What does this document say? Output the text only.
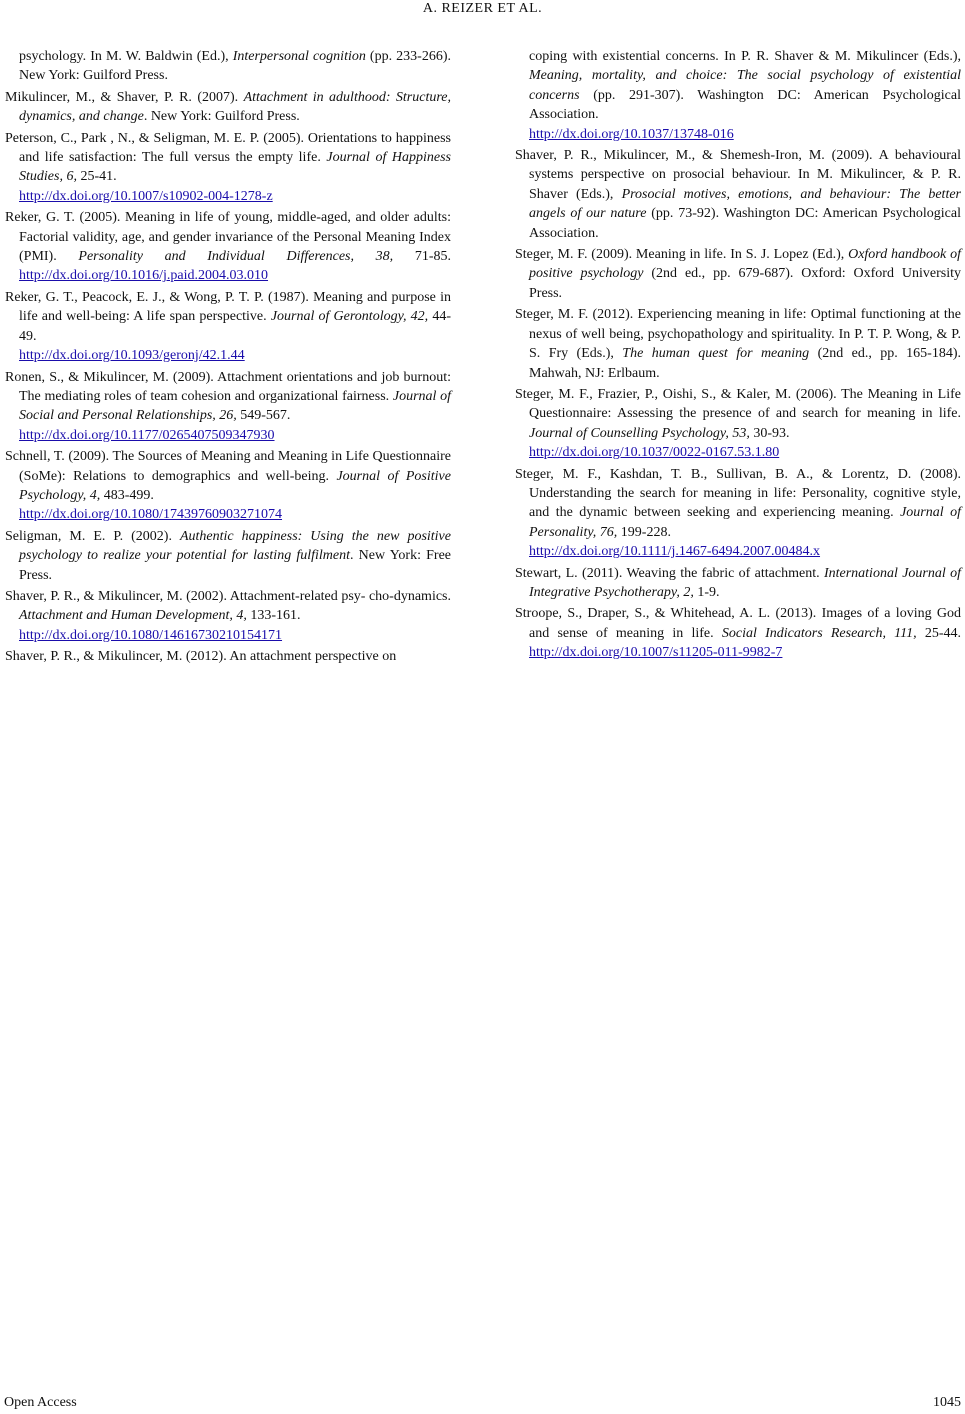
A. REIZER ET AL.

psychology. In M. W. Baldwin (Ed.), Interpersonal cognition (pp. 233-266). New York: Guilford Press.

Mikulincer, M., & Shaver, P. R. (2007). Attachment in adulthood: Structure, dynamics, and change. New York: Guilford Press.

Peterson, C., Park , N., & Seligman, M. E. P. (2005). Orientations to happiness and life satisfaction: The full versus the empty life. Journal of Happiness Studies, 6, 25-41.
http://dx.doi.org/10.1007/s10902-004-1278-z

Reker, G. T. (2005). Meaning in life of young, middle-aged, and older adults: Factorial validity, age, and gender invariance of the Personal Meaning Index (PMI). Personality and Individual Differences, 38, 71-85. http://dx.doi.org/10.1016/j.paid.2004.03.010

Reker, G. T., Peacock, E. J., & Wong, P. T. P. (1987). Meaning and purpose in life and well-being: A life span perspective. Journal of Gerontology, 42, 44-49.
http://dx.doi.org/10.1093/geronj/42.1.44

Ronen, S., & Mikulincer, M. (2009). Attachment orientations and job burnout: The mediating roles of team cohesion and organizational fairness. Journal of Social and Personal Relationships, 26, 549-567.
http://dx.doi.org/10.1177/0265407509347930

Schnell, T. (2009). The Sources of Meaning and Meaning in Life Questionnaire (SoMe): Relations to demographics and well-being. Journal of Positive Psychology, 4, 483-499.
http://dx.doi.org/10.1080/17439760903271074

Seligman, M. E. P. (2002). Authentic happiness: Using the new positive psychology to realize your potential for lasting fulfilment. New York: Free Press.

Shaver, P. R., & Mikulincer, M. (2002). Attachment-related psy- cho-dynamics. Attachment and Human Development, 4, 133-161.
http://dx.doi.org/10.1080/14616730210154171

Shaver, P. R., & Mikulincer, M. (2012). An attachment perspective on

coping with existential concerns. In P. R. Shaver & M. Mikulincer (Eds.), Meaning, mortality, and choice: The social psychology of existential concerns (pp. 291-307). Washington DC: American Psychological Association.
http://dx.doi.org/10.1037/13748-016

Shaver, P. R., Mikulincer, M., & Shemesh-Iron, M. (2009). A behavioural systems perspective on prosocial behaviour. In M. Mikulincer, & P. R. Shaver (Eds.), Prosocial motives, emotions, and behaviour: The better angels of our nature (pp. 73-92). Washington DC: American Psychological Association.

Steger, M. F. (2009). Meaning in life. In S. J. Lopez (Ed.), Oxford handbook of positive psychology (2nd ed., pp. 679-687). Oxford: Oxford University Press.

Steger, M. F. (2012). Experiencing meaning in life: Optimal functioning at the nexus of well being, psychopathology and spirituality. In P. T. P. Wong, & P. S. Fry (Eds.), The human quest for meaning (2nd ed., pp. 165-184). Mahwah, NJ: Erlbaum.

Steger, M. F., Frazier, P., Oishi, S., & Kaler, M. (2006). The Meaning in Life Questionnaire: Assessing the presence of and search for meaning in life. Journal of Counselling Psychology, 53, 30-93.
http://dx.doi.org/10.1037/0022-0167.53.1.80

Steger, M. F., Kashdan, T. B., Sullivan, B. A., & Lorentz, D. (2008). Understanding the search for meaning in life: Personality, cognitive style, and the dynamic between seeking and experiencing meaning. Journal of Personality, 76, 199-228.
http://dx.doi.org/10.1111/j.1467-6494.2007.00484.x

Stewart, L. (2011). Weaving the fabric of attachment. International Journal of Integrative Psychotherapy, 2, 1-9.

Stroope, S., Draper, S., & Whitehead, A. L. (2013). Images of a loving God and sense of meaning in life. Social Indicators Research, 111, 25-44. http://dx.doi.org/10.1007/s11205-011-9982-7

Open Access	1045
